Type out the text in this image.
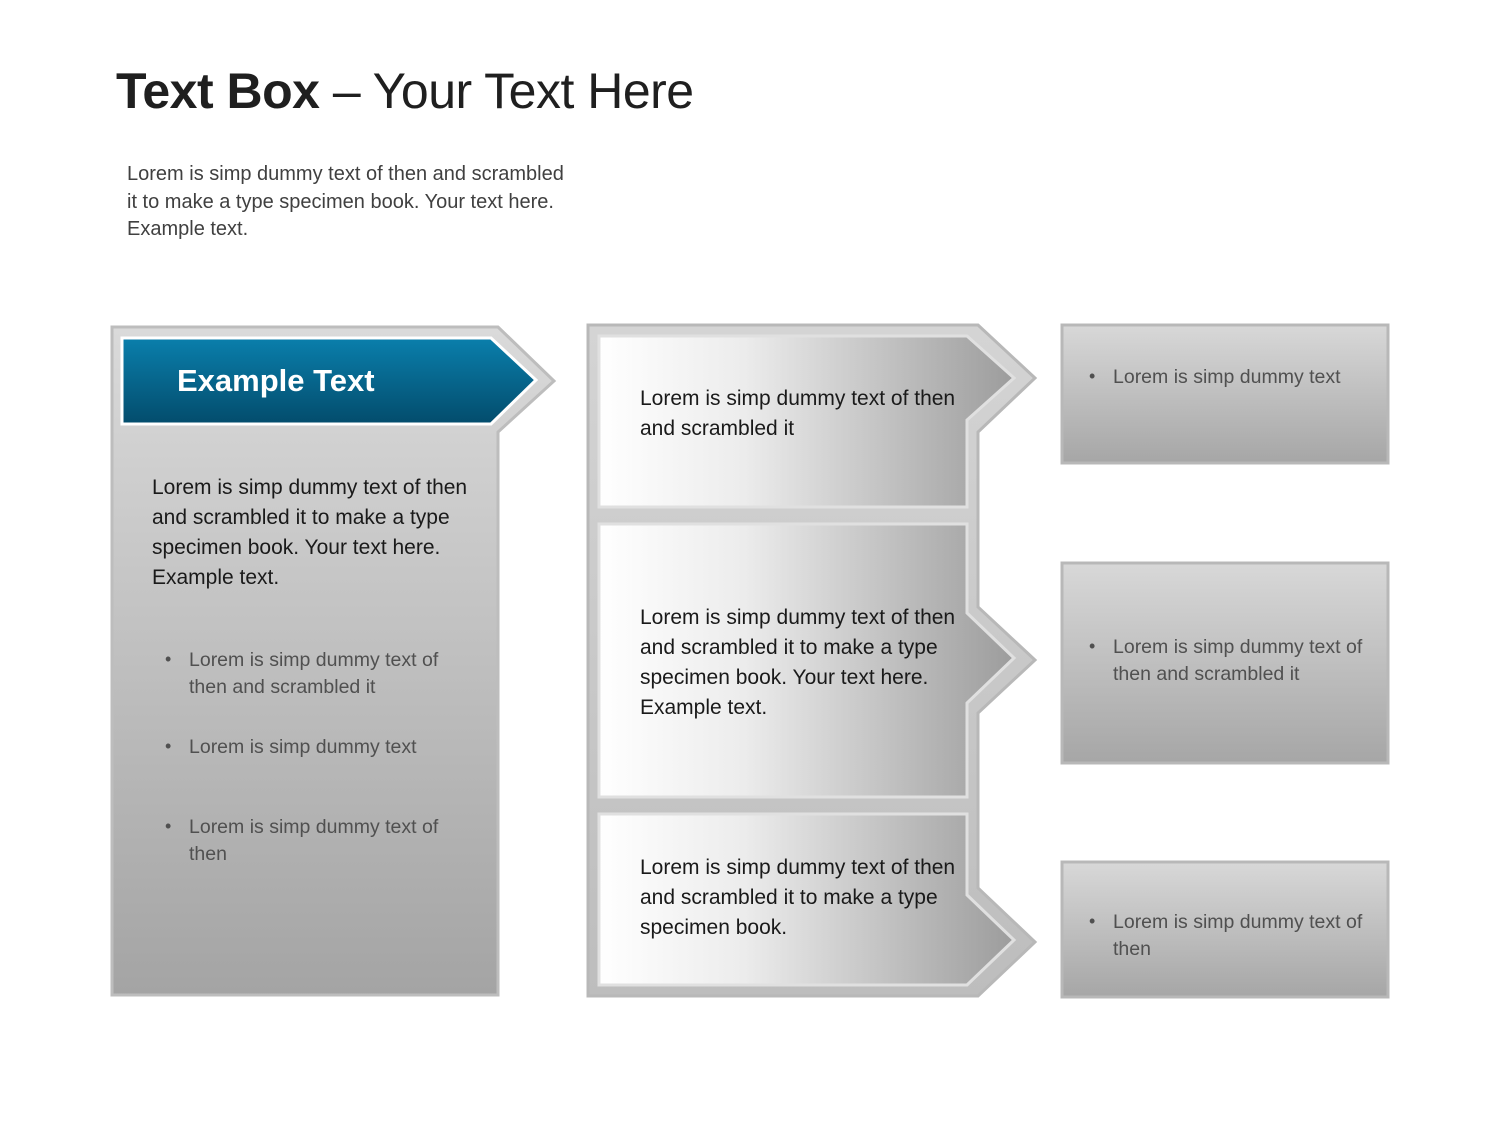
Text Box – Your Text Here
Lorem is simp dummy text of then and scrambled it to make a type specimen book. Your text here. Example text.
Example Text
Lorem is simp dummy text of then and scrambled it to make a type specimen book. Your text here. Example text.
• Lorem is simp dummy text of then and scrambled it
• Lorem is simp dummy text
• Lorem is simp dummy text of then
Lorem is simp dummy text of then and scrambled it
Lorem is simp dummy text of then and scrambled it to make a type specimen book. Your text here. Example text.
Lorem is simp dummy text of then and scrambled it to make a type specimen book.
• Lorem is simp dummy text
• Lorem is simp dummy text of then and scrambled it
• Lorem is simp dummy text of then
